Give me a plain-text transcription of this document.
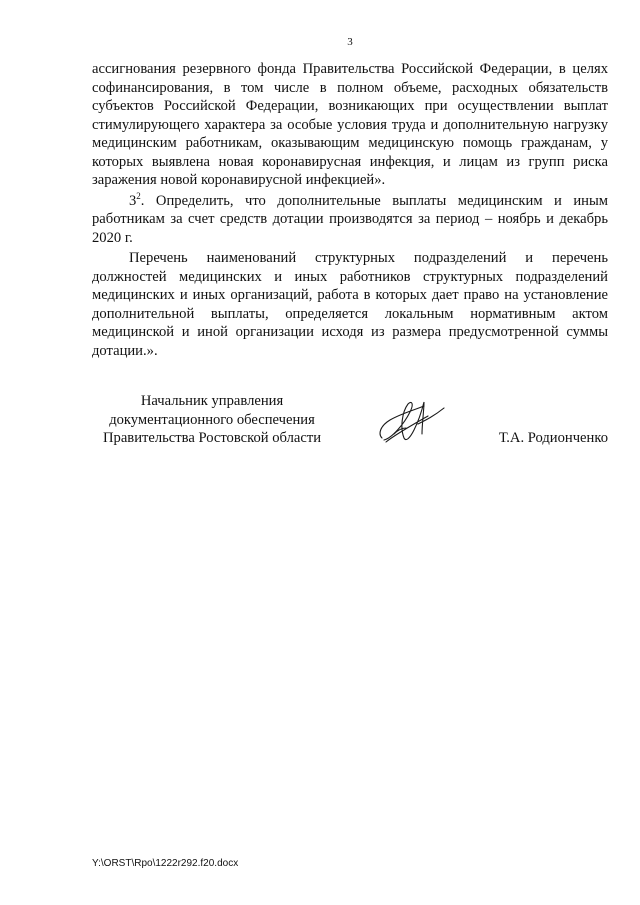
3

ассигнования резервного фонда Правительства Российской Федерации, в целях софинансирования, в том числе в полном объеме, расходных обязательств субъектов Российской Федерации, возникающих при осуществлении выплат стимулирующего характера за особые условия труда и дополнительную нагрузку медицинским работникам, оказывающим медицинскую помощь гражданам, у которых выявлена новая коронавирусная инфекция, и лицам из групп риска заражения новой коронавирусной инфекцией».

$3^2$. Определить, что дополнительные выплаты медицинским и иным работникам за счет средств дотации производятся за период – ноябрь и декабрь 2020 г.

Перечень наименований структурных подразделений и перечень должностей медицинских и иных работников структурных подразделений медицинских и иных организаций, работа в которых дает право на установление дополнительной выплаты, определяется локальным нормативным актом медицинской и иной организации исходя из размера предусмотренной суммы дотации.».

Начальник управления
документационного обеспечения
Правительства Ростовской области	Т.А. Родионченко
Y:\ORST\Rpo\1222r292.f20.docx
